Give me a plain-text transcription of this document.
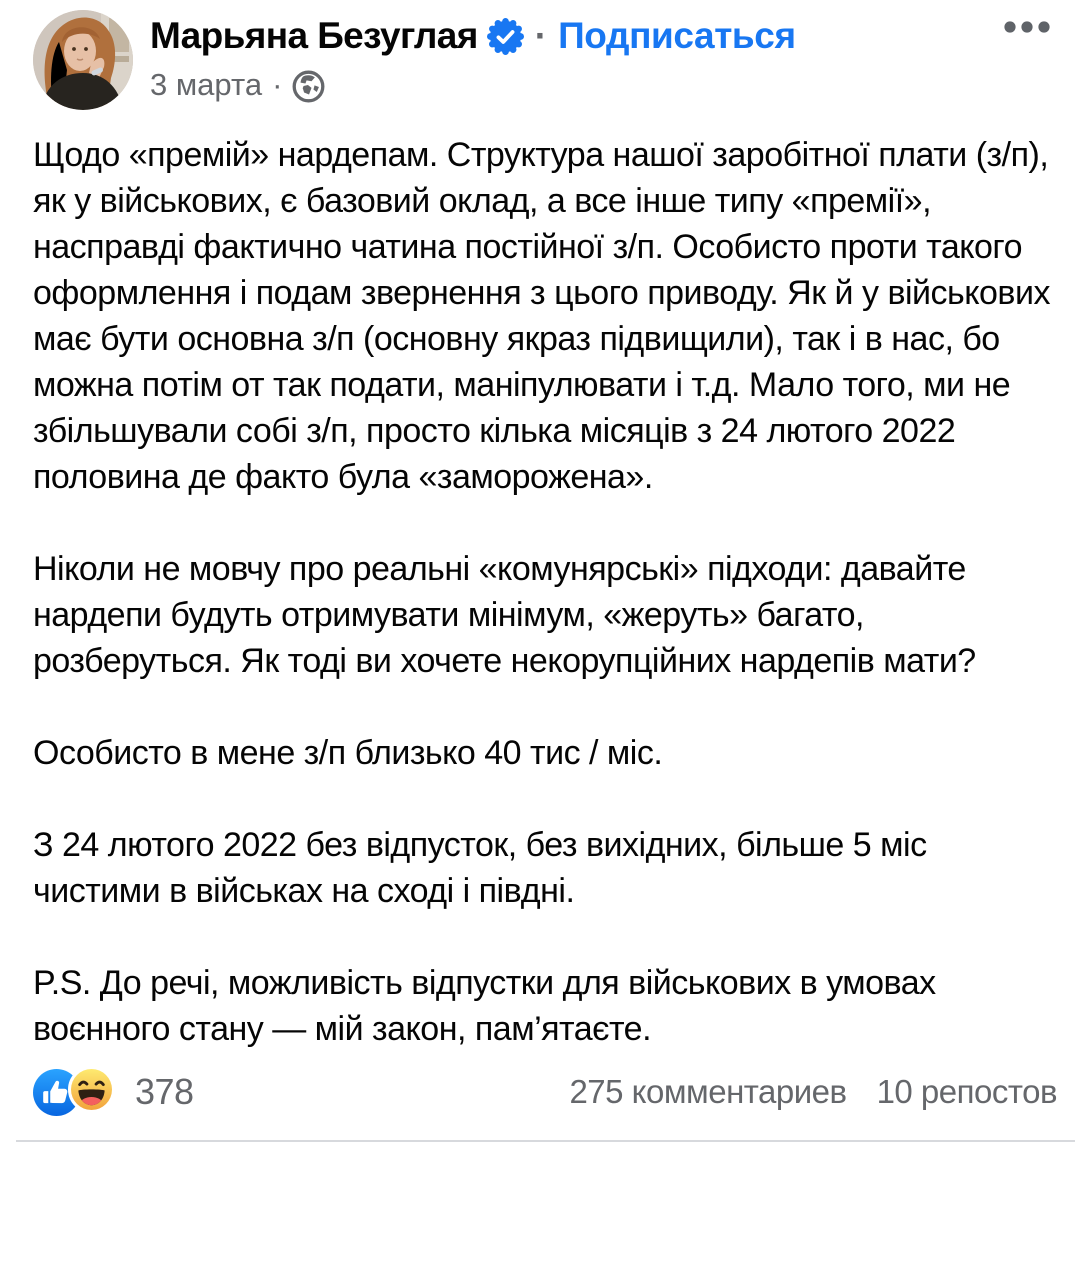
Марьяна Безуглая · Подписаться
3 марта ·

Щодо «премій» нардепам. Структура нашої заробітної плати (з/п), як у військових, є базовий оклад, а все інше типу «премії», насправді фактично чатина постійної з/п. Особисто проти такого оформлення і подам звернення з цього приводу. Як й у військових має бути основна з/п (основну якраз підвищили), так і в нас, бо можна потім от так подати, маніпулювати і т.д. Мало того, ми не збільшували собі з/п, просто кілька місяців з 24 лютого 2022 половина де факто була «заморожена».

Ніколи не мовчу про реальні «комунярські» підходи: давайте нардепи будуть отримувати мінімум, «жеруть» багато, розберуться. Як тоді ви хочете некорупційних нардепів мати?

Особисто в мене з/п близько 40 тис / міс.

З 24 лютого 2022 без відпусток, без вихідних, більше 5 міс чистими в військах на сході і півдні.

P.S. До речі, можливість відпустки для військових в умовах воєнного стану — мій закон, пам’ятаєте.

378	275 комментариев 10 репостов
